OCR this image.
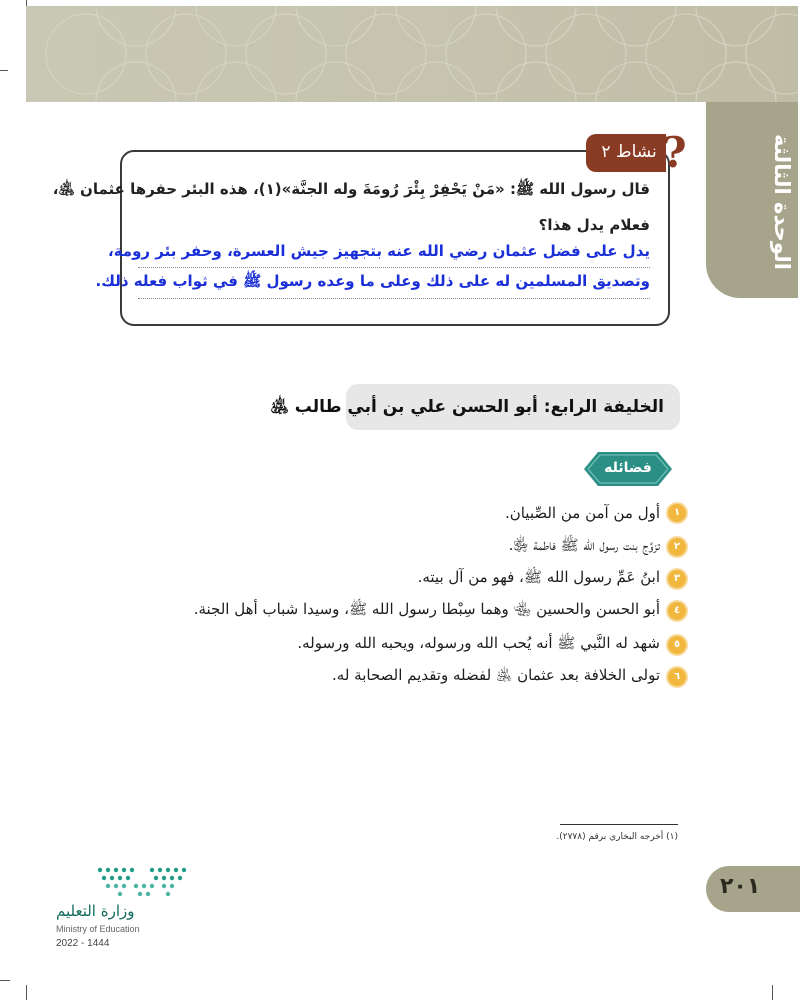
الوحدة الثالثة
نشاط ٢ ?
قال رسول الله ﷺ: «مَنْ يَحْفِرْ بِئْرَ رُومَةَ وله الجنَّة»(١)، هذه البئر حفرها عثمان ﵁،
فعلام يدل هذا؟
يدل على فضل عثمان رضي الله عنه بتجهيز جيش العسرة، وحفر بئر رومة،
وتصديق المسلمين له على ذلك وعلى ما وعده رسول ﷺ في ثواب فعله ذلك.
الخليفة الرابع: أبو الحسن علي بن أبي طالب ﵁
فضائله
١أول من آمن من الصِّبيان.
٢تزوَّج بنت رسول الله ﷺ فاطمة ﵂.
٣ابنُ عَمِّ رسول الله ﷺ، فهو من آل بيته.
٤أبو الحسن والحسين ﵄ وهما سِبْطا رسول الله ﷺ، وسيدا شباب أهل الجنة.
٥شهد له النَّبي ﷺ أنه يُحب الله ورسوله، ويحبه الله ورسوله.
٦تولى الخلافة بعد عثمان ﵁ لفضله وتقديم الصحابة له.
(١) أخرجه البخاري برقم (٢٧٧٨).
وزارة التعليم
Ministry of Education
2022 - 1444
٢٠١
